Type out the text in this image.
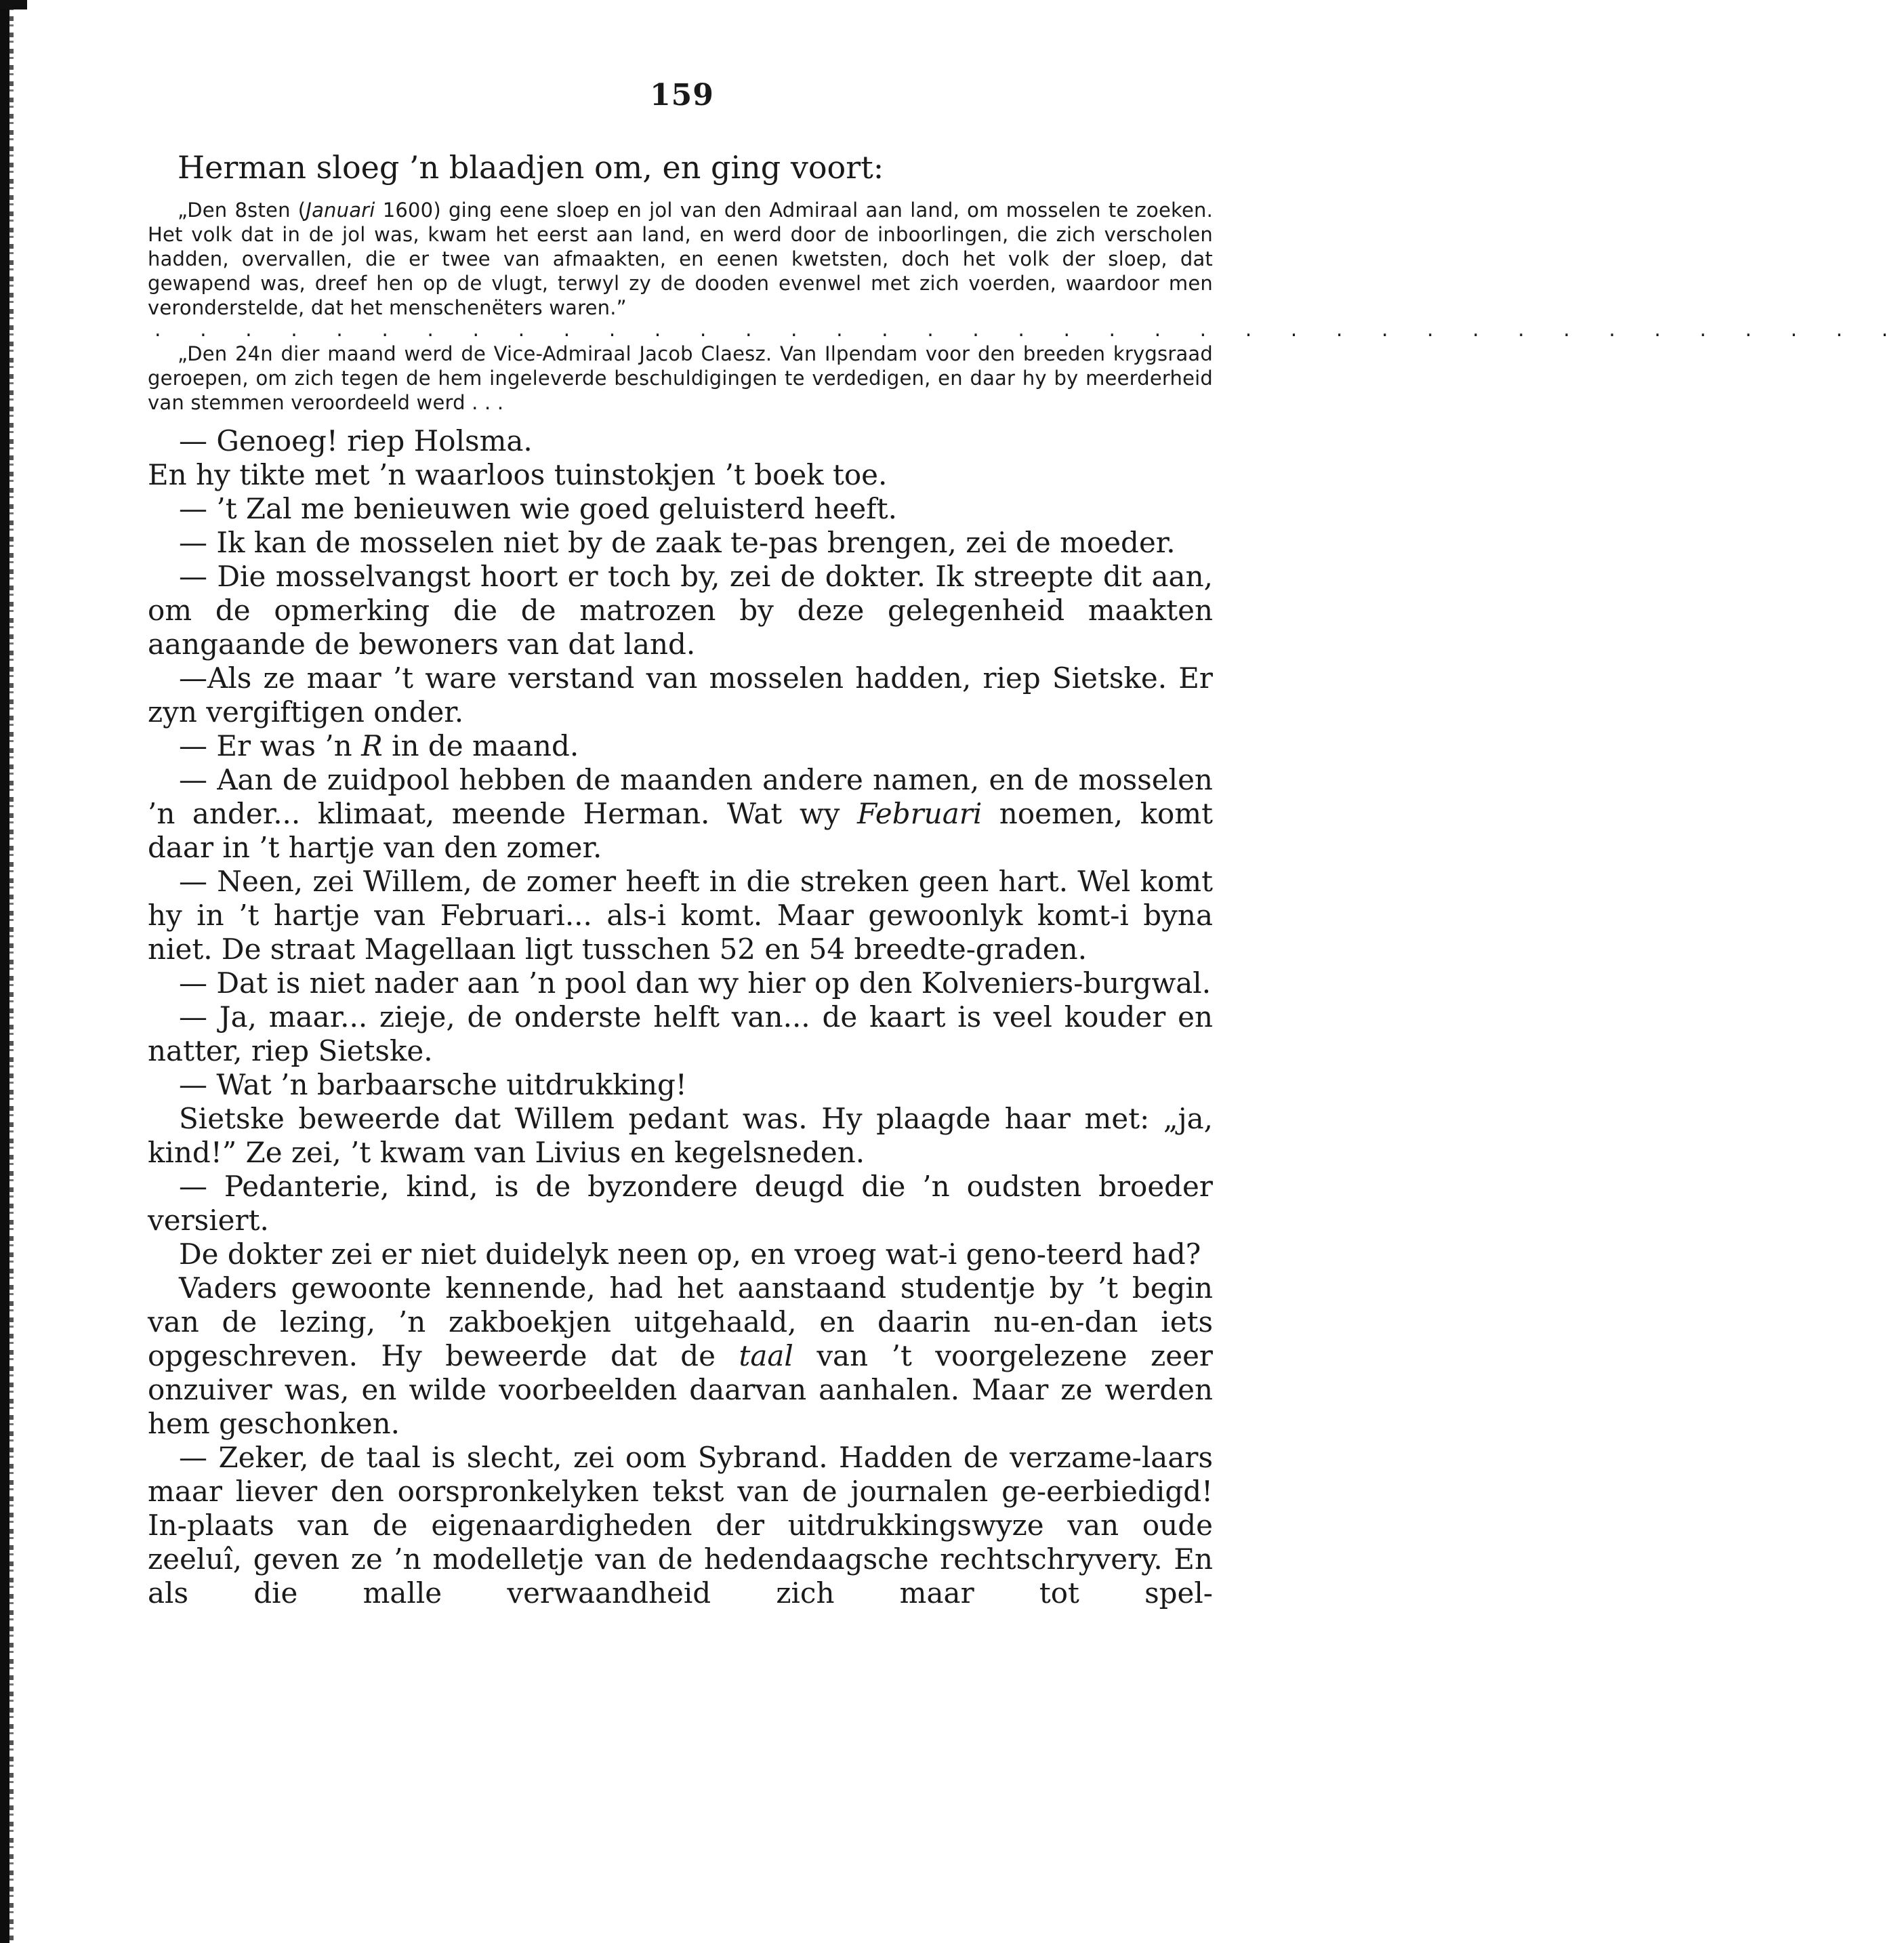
159

Herman sloeg ’n blaadjen om, en ging voort:

„Den 8sten (Januari 1600) ging eene sloep en jol van den Admiraal aan land, om mosselen te zoeken. Het volk dat in de jol was, kwam het eerst aan land, en werd door de inboorlingen, die zich verscholen hadden, overvallen, die er twee van afmaakten, en eenen kwetsten, doch het volk der sloep, dat gewapend was, dreef hen op de vlugt, terwyl zy de dooden evenwel met zich voerden, waardoor men veronderstelde, dat het menschenëters waren.”

. . . . . . . . . . . . . . . . . . . . . . . . . . . . . . . . . . . . . . .

„Den 24n dier maand werd de Vice-Admiraal Jacob Claesz. Van Ilpendam voor den breeden krygsraad geroepen, om zich tegen de hem ingeleverde beschuldigingen te verdedigen, en daar hy by meerderheid van stemmen veroordeeld werd . . .

— Genoeg! riep Holsma.

En hy tikte met ’n waarloos tuinstokjen ’t boek toe.

— ’t Zal me benieuwen wie goed geluisterd heeft.

— Ik kan de mosselen niet by de zaak te-pas brengen, zei de moeder.

— Die mosselvangst hoort er toch by, zei de dokter. Ik streepte dit aan, om de opmerking die de matrozen by deze gelegenheid maakten aangaande de bewoners van dat land.

—Als ze maar ’t ware verstand van mosselen hadden, riep Sietske. Er zyn vergiftigen onder.

— Er was ’n R in de maand.

— Aan de zuidpool hebben de maanden andere namen, en de mosselen ’n ander... klimaat, meende Herman. Wat wy Februari noemen, komt daar in ’t hartje van den zomer.

— Neen, zei Willem, de zomer heeft in die streken geen hart. Wel komt hy in ’t hartje van Februari... als-i komt. Maar gewoonlyk komt-i byna niet. De straat Magellaan ligt tusschen 52 en 54 breedte-graden.

— Dat is niet nader aan ’n pool dan wy hier op den Kolveniers-burgwal.

— Ja, maar... zieje, de onderste helft van... de kaart is veel kouder en natter, riep Sietske.

— Wat ’n barbaarsche uitdrukking!

Sietske beweerde dat Willem pedant was. Hy plaagde haar met: „ja, kind!” Ze zei, ’t kwam van Livius en kegelsneden.

— Pedanterie, kind, is de byzondere deugd die ’n oudsten broeder versiert.

De dokter zei er niet duidelyk neen op, en vroeg wat-i geno-teerd had?

Vaders gewoonte kennende, had het aanstaand studentje by ’t begin van de lezing, ’n zakboekjen uitgehaald, en daarin nu-en-dan iets opgeschreven. Hy beweerde dat de taal van ’t voorgelezene zeer onzuiver was, en wilde voorbeelden daarvan aanhalen. Maar ze werden hem geschonken.

— Zeker, de taal is slecht, zei oom Sybrand. Hadden de verzame-laars maar liever den oorspronkelyken tekst van de journalen ge-eerbiedigd! In-plaats van de eigenaardigheden der uitdrukkingswyze van oude zeeluî, geven ze ’n modelletje van de hedendaagsche rechtschryvery. En als die malle verwaandheid zich maar tot spel-
